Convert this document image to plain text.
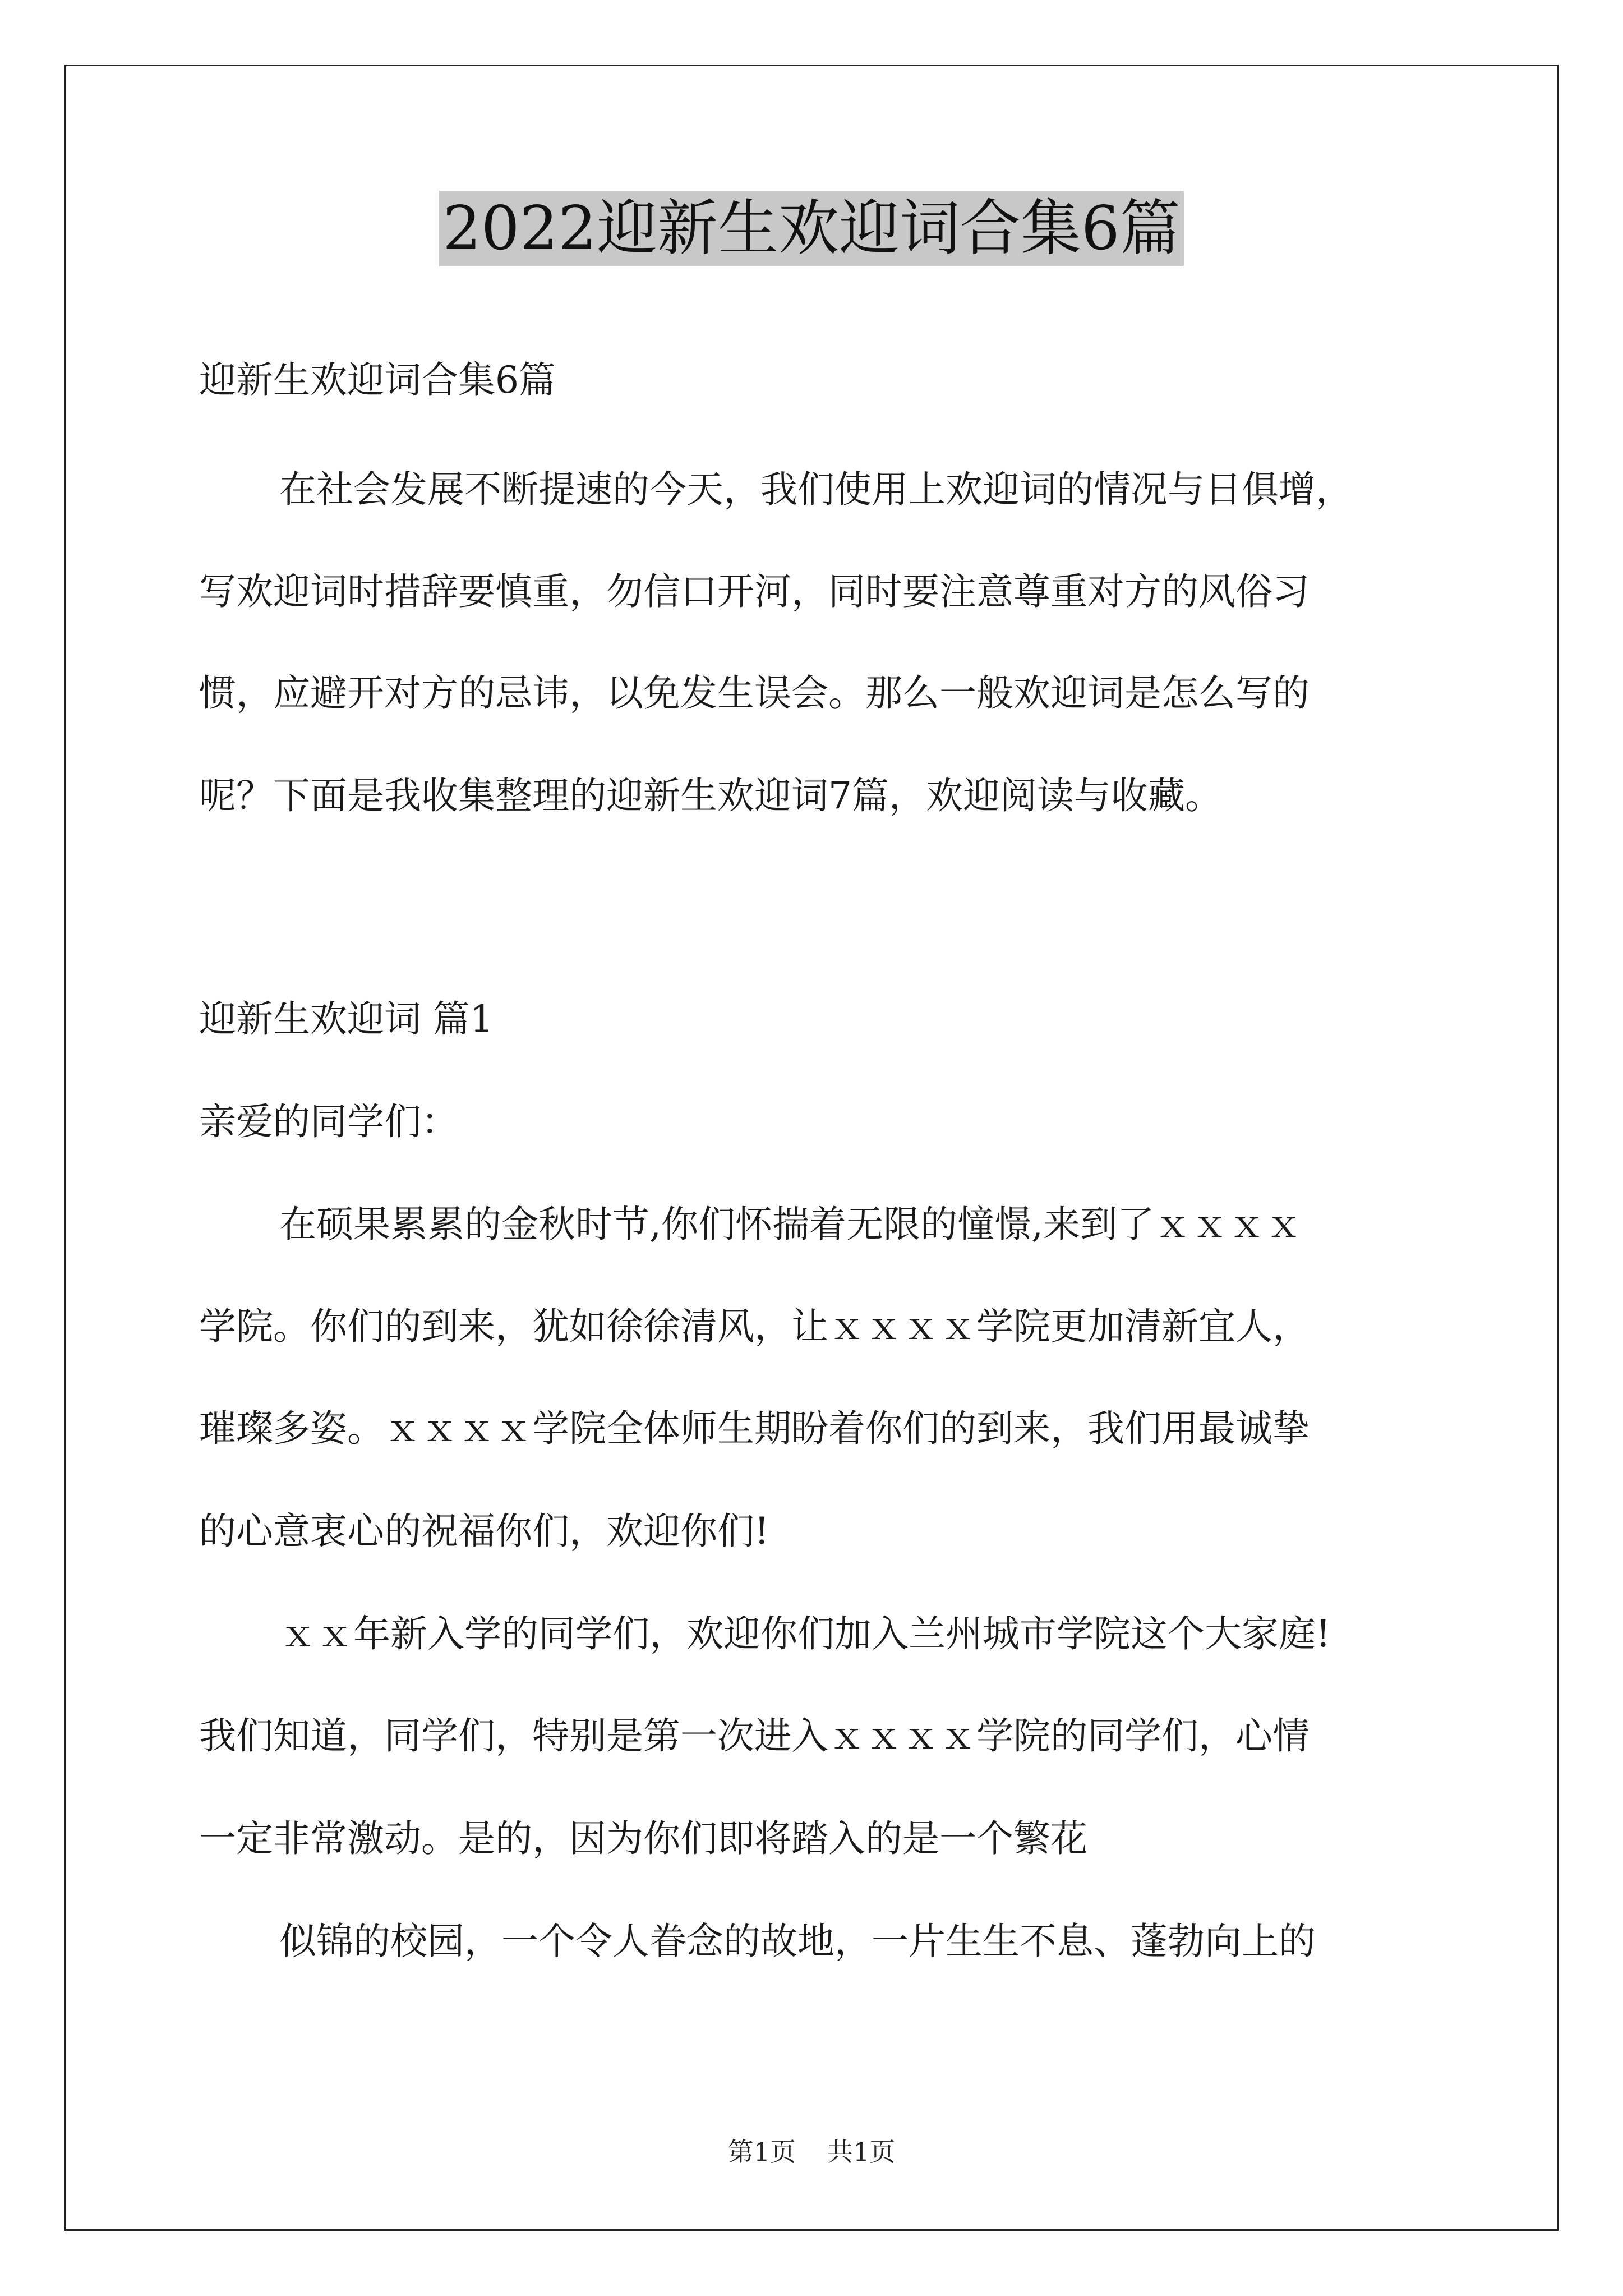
2022迎新生欢迎词合集6篇
迎新生欢迎词合集6篇
在社会发展不断提速的今天，我们使用上欢迎词的情况与日俱增，
写欢迎词时措辞要慎重，勿信口开河，同时要注意尊重对方的风俗习
惯，应避开对方的忌讳，以免发生误会。那么一般欢迎词是怎么写的
呢？下面是我收集整理的迎新生欢迎词7篇，欢迎阅读与收藏。
迎新生欢迎词 篇1
亲爱的同学们：
在硕果累累的金秋时节,你们怀揣着无限的憧憬,来到了ｘｘｘｘ
学院。你们的到来，犹如徐徐清风，让ｘｘｘｘ学院更加清新宜人，
璀璨多姿。ｘｘｘｘ学院全体师生期盼着你们的到来，我们用最诚挚
的心意衷心的祝福你们，欢迎你们!
ｘｘ年新入学的同学们，欢迎你们加入兰州城市学院这个大家庭!
我们知道，同学们，特别是第一次进入ｘｘｘｘ学院的同学们，心情
一定非常激动。是的，因为你们即将踏入的是一个繁花
似锦的校园，一个令人眷念的故地，一片生生不息、蓬勃向上的
第1页 共1页
